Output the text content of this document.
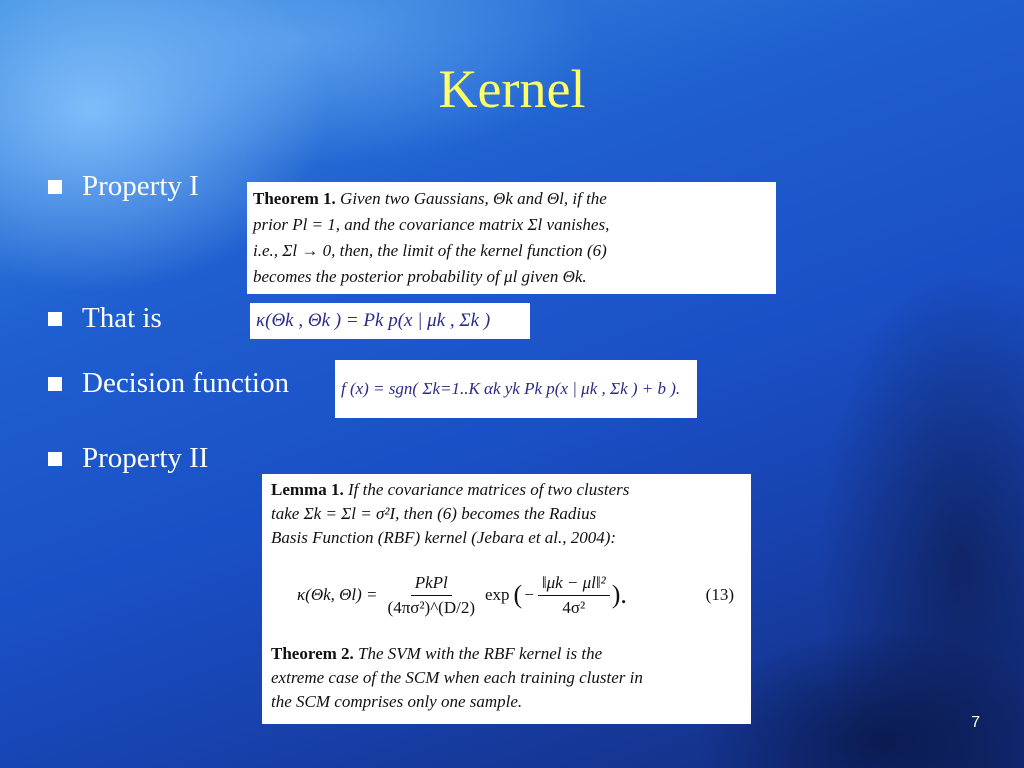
Kernel
Property I
That is
Decision function
Property II

Theorem 1. Given two Gaussians, Θk and Θl, if the

prior Pl = 1, and the covariance matrix Σl vanishes,

i.e., Σl → 0, then, the limit of the kernel function (6)

becomes the posterior probability of μl given Θk.

κ(Θk , Θk ) = Pk p(x | μk , Σk )
f (x) = sgn( Σk=1..K αk yk Pk p(x | μk , Σk ) + b ).

Lemma 1. If the covariance matrices of two clusters

take Σk = Σl = σ²I, then (6) becomes the Radius

Basis Function (RBF) kernel (Jebara et al., 2004):

κ(Θk, Θl) =
PkPl
(4πσ²)^(D/2)
exp ( − $\frac{\text{‖μk − μl‖²}}{\text{4σ²}}$ ).	(13)

Theorem 2. The SVM with the RBF kernel is the

extreme case of the SCM when each training cluster in

the SCM comprises only one sample.

7
